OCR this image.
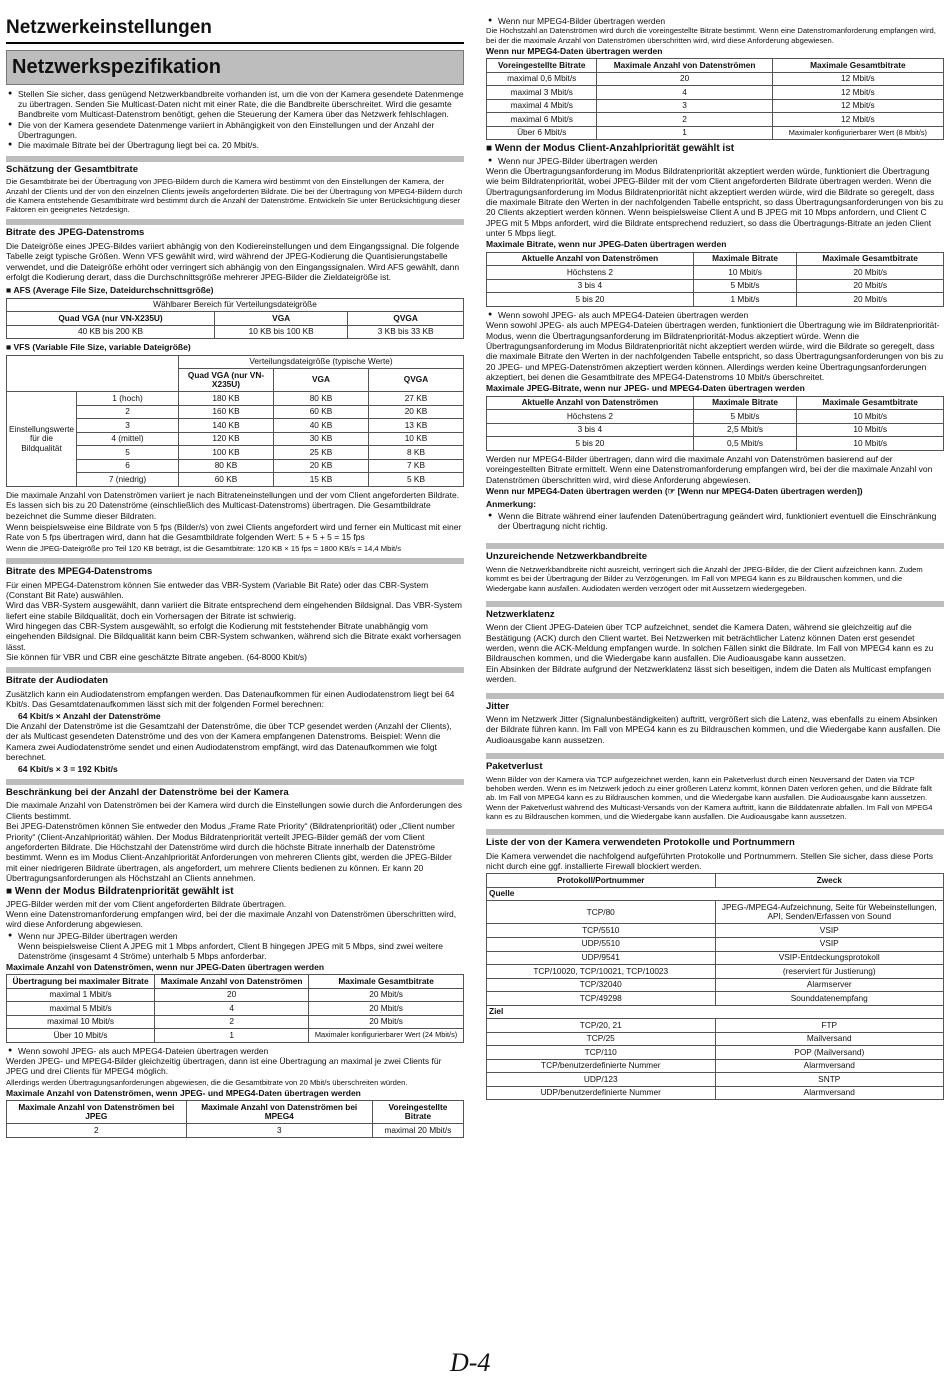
Netzwerkeinstellungen
Netzwerkspezifikation

● Stellen Sie sicher, dass genügend Netzwerkbandbreite vorhanden ist, um die von der Kamera gesendete Datenmenge zu übertragen. Senden Sie Multicast-Daten nicht mit einer Rate, die die Bandbreite überschreitet. Wird die gesamte Bandbreite vom Multicast-Datenstrom benötigt, gehen die Steuerung der Kamera über das Netzwerk fehlschlagen.

● Die von der Kamera gesendete Datenmenge variiert in Abhängigkeit von den Einstellungen und der Anzahl der Übertragungen.

● Die maximale Bitrate bei der Übertragung liegt bei ca. 20 Mbit/s.

Schätzung der Gesamtbitrate

Die Gesamtbitrate bei der Übertragung von JPEG-Bildern durch die Kamera wird bestimmt von den Einstellungen der Kamera, der Anzahl der Clients und der von den einzelnen Clients jeweils angeforderten Bildrate. Die bei der Übertragung von MPEG4-Bildern durch die Kamera entstehende Gesamtbitrate wird bestimmt durch die Anzahl der Datenströme. Entwickeln Sie unter Berücksichtigung dieser Faktoren ein geeignetes Netzdesign.

Bitrate des JPEG-Datenstroms

Die Dateigröße eines JPEG-Bildes variiert abhängig von den Kodiereinstellungen und dem Eingangssignal. Die folgende Tabelle zeigt typische Größen. Wenn VFS gewählt wird, wird während der JPEG-Kodierung die Quantisierungstabelle verwendet, und die Dateigröße erhöht oder verringert sich abhängig von den Eingangssignalen. Wird AFS gewählt, dann erfolgt die Kodierung derart, dass die Durchschnittsgröße mehrerer JPEG-Bilder die Zieldateigröße ist.

■ AFS (Average File Size, Dateidurchschnittsgröße)
Wählbarer Bereich für Verteilungsdateigröße		
Quad VGA (nur VN-X235U)	VGA	QVGA
40 KB bis 200 KB	10 KB bis 100 KB	3 KB bis 33 KB
■ VFS (Variable File Size, variable Dateigröße)
		Verteilungsdateigröße (typische Werte)		
		Quad VGA (nur VN-X235U)	VGA	QVGA
Einstellungswerte für die Bildqualität	1 (hoch)	180 KB	80 KB	27 KB
	2	160 KB	60 KB	20 KB
	3	140 KB	40 KB	13 KB
	4 (mittel)	120 KB	30 KB	10 KB
	5	100 KB	25 KB	8 KB
	6	80 KB	20 KB	7 KB
	7 (niedrig)	60 KB	15 KB	5 KB

Die maximale Anzahl von Datenströmen variiert je nach Bitrateneinstellungen und der vom Client angeforderten Bildrate. Es lassen sich bis zu 20 Datenströme (einschließlich des Multicast-Datenstroms) übertragen. Die Gesamtbildrate bezeichnet die Summe dieser Bildraten.

Wenn beispielsweise eine Bildrate von 5 fps (Bilder/s) von zwei Clients angefordert wird und ferner ein Multicast mit einer Rate von 5 fps übertragen wird, dann hat die Gesamtbildrate folgenden Wert: 5 + 5 + 5 = 15 fps

Wenn die JPEG-Dateigröße pro Teil 120 KB beträgt, ist die Gesamtbitrate: 120 KB × 15 fps = 1800 KB/s = 14,4 Mbit/s

Bitrate des MPEG4-Datenstroms

Für einen MPEG4-Datenstrom können Sie entweder das VBR-System (Variable Bit Rate) oder das CBR-System (Constant Bit Rate) auswählen.
Wird das VBR-System ausgewählt, dann variiert die Bitrate entsprechend dem eingehenden Bildsignal. Das VBR-System liefert eine stabile Bildqualität, doch ein Vorhersagen der Bitrate ist schwierig.
Wird hingegen das CBR-System ausgewählt, so erfolgt die Kodierung mit feststehender Bitrate unabhängig vom eingehenden Bildsignal. Die Bildqualität kann beim CBR-System schwanken, während sich die Bitrate exakt vorhersagen lässt.
Sie können für VBR und CBR eine geschätzte Bitrate angeben. (64-8000 Kbit/s)

Bitrate der Audiodaten

Zusätzlich kann ein Audiodatenstrom empfangen werden. Das Datenaufkommen für einen Audiodatenstrom liegt bei 64 Kbit/s. Das Gesamtdatenaufkommen lässt sich mit der folgenden Formel berechnen:

64 Kbit/s × Anzahl der Datenströme

Die Anzahl der Datenströme ist die Gesamtzahl der Datenströme, die über TCP gesendet werden (Anzahl der Clients), der als Multicast gesendeten Datenströme und des von der Kamera empfangenen Datenstroms. Beispiel: Wenn die Kamera zwei Audiodatenströme sendet und einen Audiodatenstrom empfängt, wird das Datenaufkommen wie folgt berechnet.

64 Kbit/s × 3 = 192 Kbit/s

Beschränkung bei der Anzahl der Datenströme bei der Kamera

Die maximale Anzahl von Datenströmen bei der Kamera wird durch die Einstellungen sowie durch die Anforderungen des Clients bestimmt.
Bei JPEG-Datenströmen können Sie entweder den Modus „Frame Rate Priority“ (Bildratenpriorität) oder „Client number Priority“ (Client-Anzahlpriorität) wählen. Der Modus Bildratenpriorität verteilt JPEG-Bilder gemäß der vom Client angeforderten Bildrate. Die Höchstzahl der Datenströme wird durch die höchste Bitrate innerhalb der Datenströme bestimmt. Wenn es im Modus Client-Anzahlpriorität Anforderungen von mehreren Clients gibt, werden die JPEG-Bilder mit einer niedrigeren Bildrate übertragen, als angefordert, um mehrere Clients bedienen zu können. Er kann 20 Übertragungsanforderungen als Höchstzahl an Clients annehmen.

■ Wenn der Modus Bildratenpriorität gewählt ist

JPEG-Bilder werden mit der vom Client angeforderten Bildrate übertragen.
Wenn eine Datenstromanforderung empfangen wird, bei der die maximale Anzahl von Datenströmen überschritten wird, wird diese Anforderung abgewiesen.

● Wenn nur JPEG-Bilder übertragen werden

Wenn beispielsweise Client A JPEG mit 1 Mbps anfordert, Client B hingegen JPEG mit 5 Mbps, sind zwei weitere Datenströme (insgesamt 4 Ströme) unterhalb 5 Mbps anforderbar.

Maximale Anzahl von Datenströmen, wenn nur JPEG-Daten übertragen werden

Übertragung bei maximaler Bitrate	Maximale Anzahl von Datenströmen	Maximale Gesamtbitrate
maximal 1 Mbit/s	20	20 Mbit/s
maximal 5 Mbit/s	4	20 Mbit/s
maximal 10 Mbit/s	2	20 Mbit/s
Über 10 Mbit/s	1	Maximaler konfigurierbarer Wert (24 Mbit/s)

● Wenn sowohl JPEG- als auch MPEG4-Dateien übertragen werden

Werden JPEG- und MPEG4-Bilder gleichzeitig übertragen, dann ist eine Übertragung an maximal je zwei Clients für JPEG und drei Clients für MPEG4 möglich.

Allerdings werden Übertragungsanforderungen abgewiesen, die die Gesamtbitrate von 20 Mbit/s überschreiten würden.

Maximale Anzahl von Datenströmen, wenn JPEG- und MPEG4-Daten übertragen werden

Maximale Anzahl von Datenströmen bei JPEG	Maximale Anzahl von Datenströmen bei MPEG4	Voreingestellte Bitrate
2	3	maximal 20 Mbit/s

● Wenn nur MPEG4-Bilder übertragen werden

Die Höchstzahl an Datenströmen wird durch die voreingestellte Bitrate bestimmt. Wenn eine Datenstromanforderung empfangen wird, bei der die maximale Anzahl von Datenströmen überschritten wird, wird diese Anforderung abgewiesen.

Wenn nur MPEG4-Daten übertragen werden

Voreingestellte Bitrate	Maximale Anzahl von Datenströmen	Maximale Gesamtbitrate
maximal 0,6 Mbit/s	20	12 Mbit/s
maximal 3 Mbit/s	4	12 Mbit/s
maximal 4 Mbit/s	3	12 Mbit/s
maximal 6 Mbit/s	2	12 Mbit/s
Über 6 Mbit/s	1	Maximaler konfigurierbarer Wert (8 Mbit/s)
■ Wenn der Modus Client-Anzahlpriorität gewählt ist

● Wenn nur JPEG-Bilder übertragen werden

Wenn die Übertragungsanforderung im Modus Bildratenpriorität akzeptiert werden würde, funktioniert die Übertragung wie beim Bildratenpriorität, wobei JPEG-Bilder mit der vom Client angeforderten Bildrate übertragen werden. Wenn die Übertragungsanforderung im Modus Bildratenpriorität nicht akzeptiert werden würde, wird die Bildrate so geregelt, dass die maximale Bitrate den Werten in der nachfolgenden Tabelle entspricht, so dass Übertragungsanforderungen von bis zu 20 Clients akzeptiert werden können. Wenn beispielsweise Client A und B JPEG mit 10 Mbps anfordern, und Client C JPEG mit 5 Mbps anfordert, wird die Bildrate entsprechend reduziert, so dass die Übertragungs-Bitrate an jeden Client unter 5 Mbps liegt.

Maximale Bitrate, wenn nur JPEG-Daten übertragen werden

Aktuelle Anzahl von Datenströmen	Maximale Bitrate	Maximale Gesamtbitrate
Höchstens 2	10 Mbit/s	20 Mbit/s
3 bis 4	5 Mbit/s	20 Mbit/s
5 bis 20	1 Mbit/s	20 Mbit/s

● Wenn sowohl JPEG- als auch MPEG4-Dateien übertragen werden

Wenn sowohl JPEG- als auch MPEG4-Dateien übertragen werden, funktioniert die Übertragung wie im Bildratenpriorität-Modus, wenn die Übertragungsanforderung im Bildratenpriorität-Modus akzeptiert würde. Wenn die Übertragungsanforderung im Modus Bildratenpriorität nicht akzeptiert werden würde, wird die Bildrate so geregelt, dass die maximale Bitrate den Werten in der nachfolgenden Tabelle entspricht, so dass Übertragungsanforderungen von bis zu 20 JPEG- und MPEG-Datenströmen akzeptiert werden können. Allerdings werden keine Übertragungsanforderungen akzeptiert, bei denen die Gesamtbitrate des MPEG4-Datenstroms 10 Mbit/s überschreitet.

Maximale JPEG-Bitrate, wenn nur JPEG- und MPEG4-Daten übertragen werden

Aktuelle Anzahl von Datenströmen	Maximale Bitrate	Maximale Gesamtbitrate
Höchstens 2	5 Mbit/s	10 Mbit/s
3 bis 4	2,5 Mbit/s	10 Mbit/s
5 bis 20	0,5 Mbit/s	10 Mbit/s

Werden nur MPEG4-Bilder übertragen, dann wird die maximale Anzahl von Datenströmen basierend auf der voreingestellten Bitrate ermittelt. Wenn eine Datenstromanforderung empfangen wird, bei der die maximale Anzahl von Datenströmen überschritten wird, wird diese Anforderung abgewiesen.

Wenn nur MPEG4-Daten übertragen werden (☞ [Wenn nur MPEG4-Daten übertragen werden])

Anmerkung:

● Wenn die Bitrate während einer laufenden Datenübertragung geändert wird, funktioniert eventuell die Einschränkung der Übertragung nicht richtig.

Unzureichende Netzwerkbandbreite

Wenn die Netzwerkbandbreite nicht ausreicht, verringert sich die Anzahl der JPEG-Bilder, die der Client aufzeichnen kann. Zudem kommt es bei der Übertragung der Bilder zu Verzögerungen. Im Fall von MPEG4 kann es zu Bildrauschen kommen, und die Wiedergabe kann ausfallen. Audiodaten werden verzögert oder mit Aussetzern wiedergegeben.

Netzwerklatenz

Wenn der Client JPEG-Dateien über TCP aufzeichnet, sendet die Kamera Daten, während sie gleichzeitig auf die Bestätigung (ACK) durch den Client wartet. Bei Netzwerken mit beträchtlicher Latenz können Daten erst gesendet werden, wenn die ACK-Meldung empfangen wurde. In solchen Fällen sinkt die Bildrate. Im Fall von MPEG4 kann es zu Bildrauschen kommen, und die Wiedergabe kann ausfallen. Die Audioausgabe kann aussetzen.
Ein Absinken der Bildrate aufgrund der Netzwerklatenz lässt sich beseitigen, indem die Daten als Multicast empfangen werden.

Jitter

Wenn im Netzwerk Jitter (Signalunbeständigkeiten) auftritt, vergrößert sich die Latenz, was ebenfalls zu einem Absinken der Bildrate führen kann. Im Fall von MPEG4 kann es zu Bildrauschen kommen, und die Wiedergabe kann ausfallen. Die Audioausgabe kann aussetzen.

Paketverlust

Wenn Bilder von der Kamera via TCP aufgezeichnet werden, kann ein Paketverlust durch einen Neuversand der Daten via TCP behoben werden. Wenn es im Netzwerk jedoch zu einer größeren Latenz kommt, können Daten verloren gehen, und die Bildrate fällt ab. Im Fall von MPEG4 kann es zu Bildrauschen kommen, und die Wiedergabe kann ausfallen. Die Audioausgabe kann aussetzen.
Wenn der Paketverlust während des Multicast-Versands von der Kamera auftritt, kann die Bilddatenrate abfallen. Im Fall von MPEG4 kann es zu Bildrauschen kommen, und die Wiedergabe kann ausfallen. Die Audioausgabe kann aussetzen.

Liste der von der Kamera verwendeten Protokolle und Portnummern

Die Kamera verwendet die nachfolgend aufgeführten Protokolle und Portnummern. Stellen Sie sicher, dass diese Ports nicht durch eine ggf. installierte Firewall blockiert werden.

Protokoll/Portnummer	Zweck
Quelle	
TCP/80	JPEG-/MPEG4-Aufzeichnung, Seite für Webeinstellungen, API, Senden/Erfassen von Sound
TCP/5510	VSIP
UDP/5510	VSIP
UDP/9541	VSIP-Entdeckungsprotokoll
TCP/10020, TCP/10021, TCP/10023	(reserviert für Justierung)
TCP/32040	Alarmserver
TCP/49298	Sounddatenempfang
Ziel	
TCP/20, 21	FTP
TCP/25	Mailversand
TCP/110	POP (Mailversand)
TCP/benutzerdefinierte Nummer	Alarmversand
UDP/123	SNTP
UDP/benutzerdefinierte Nummer	Alarmversand
D-4
